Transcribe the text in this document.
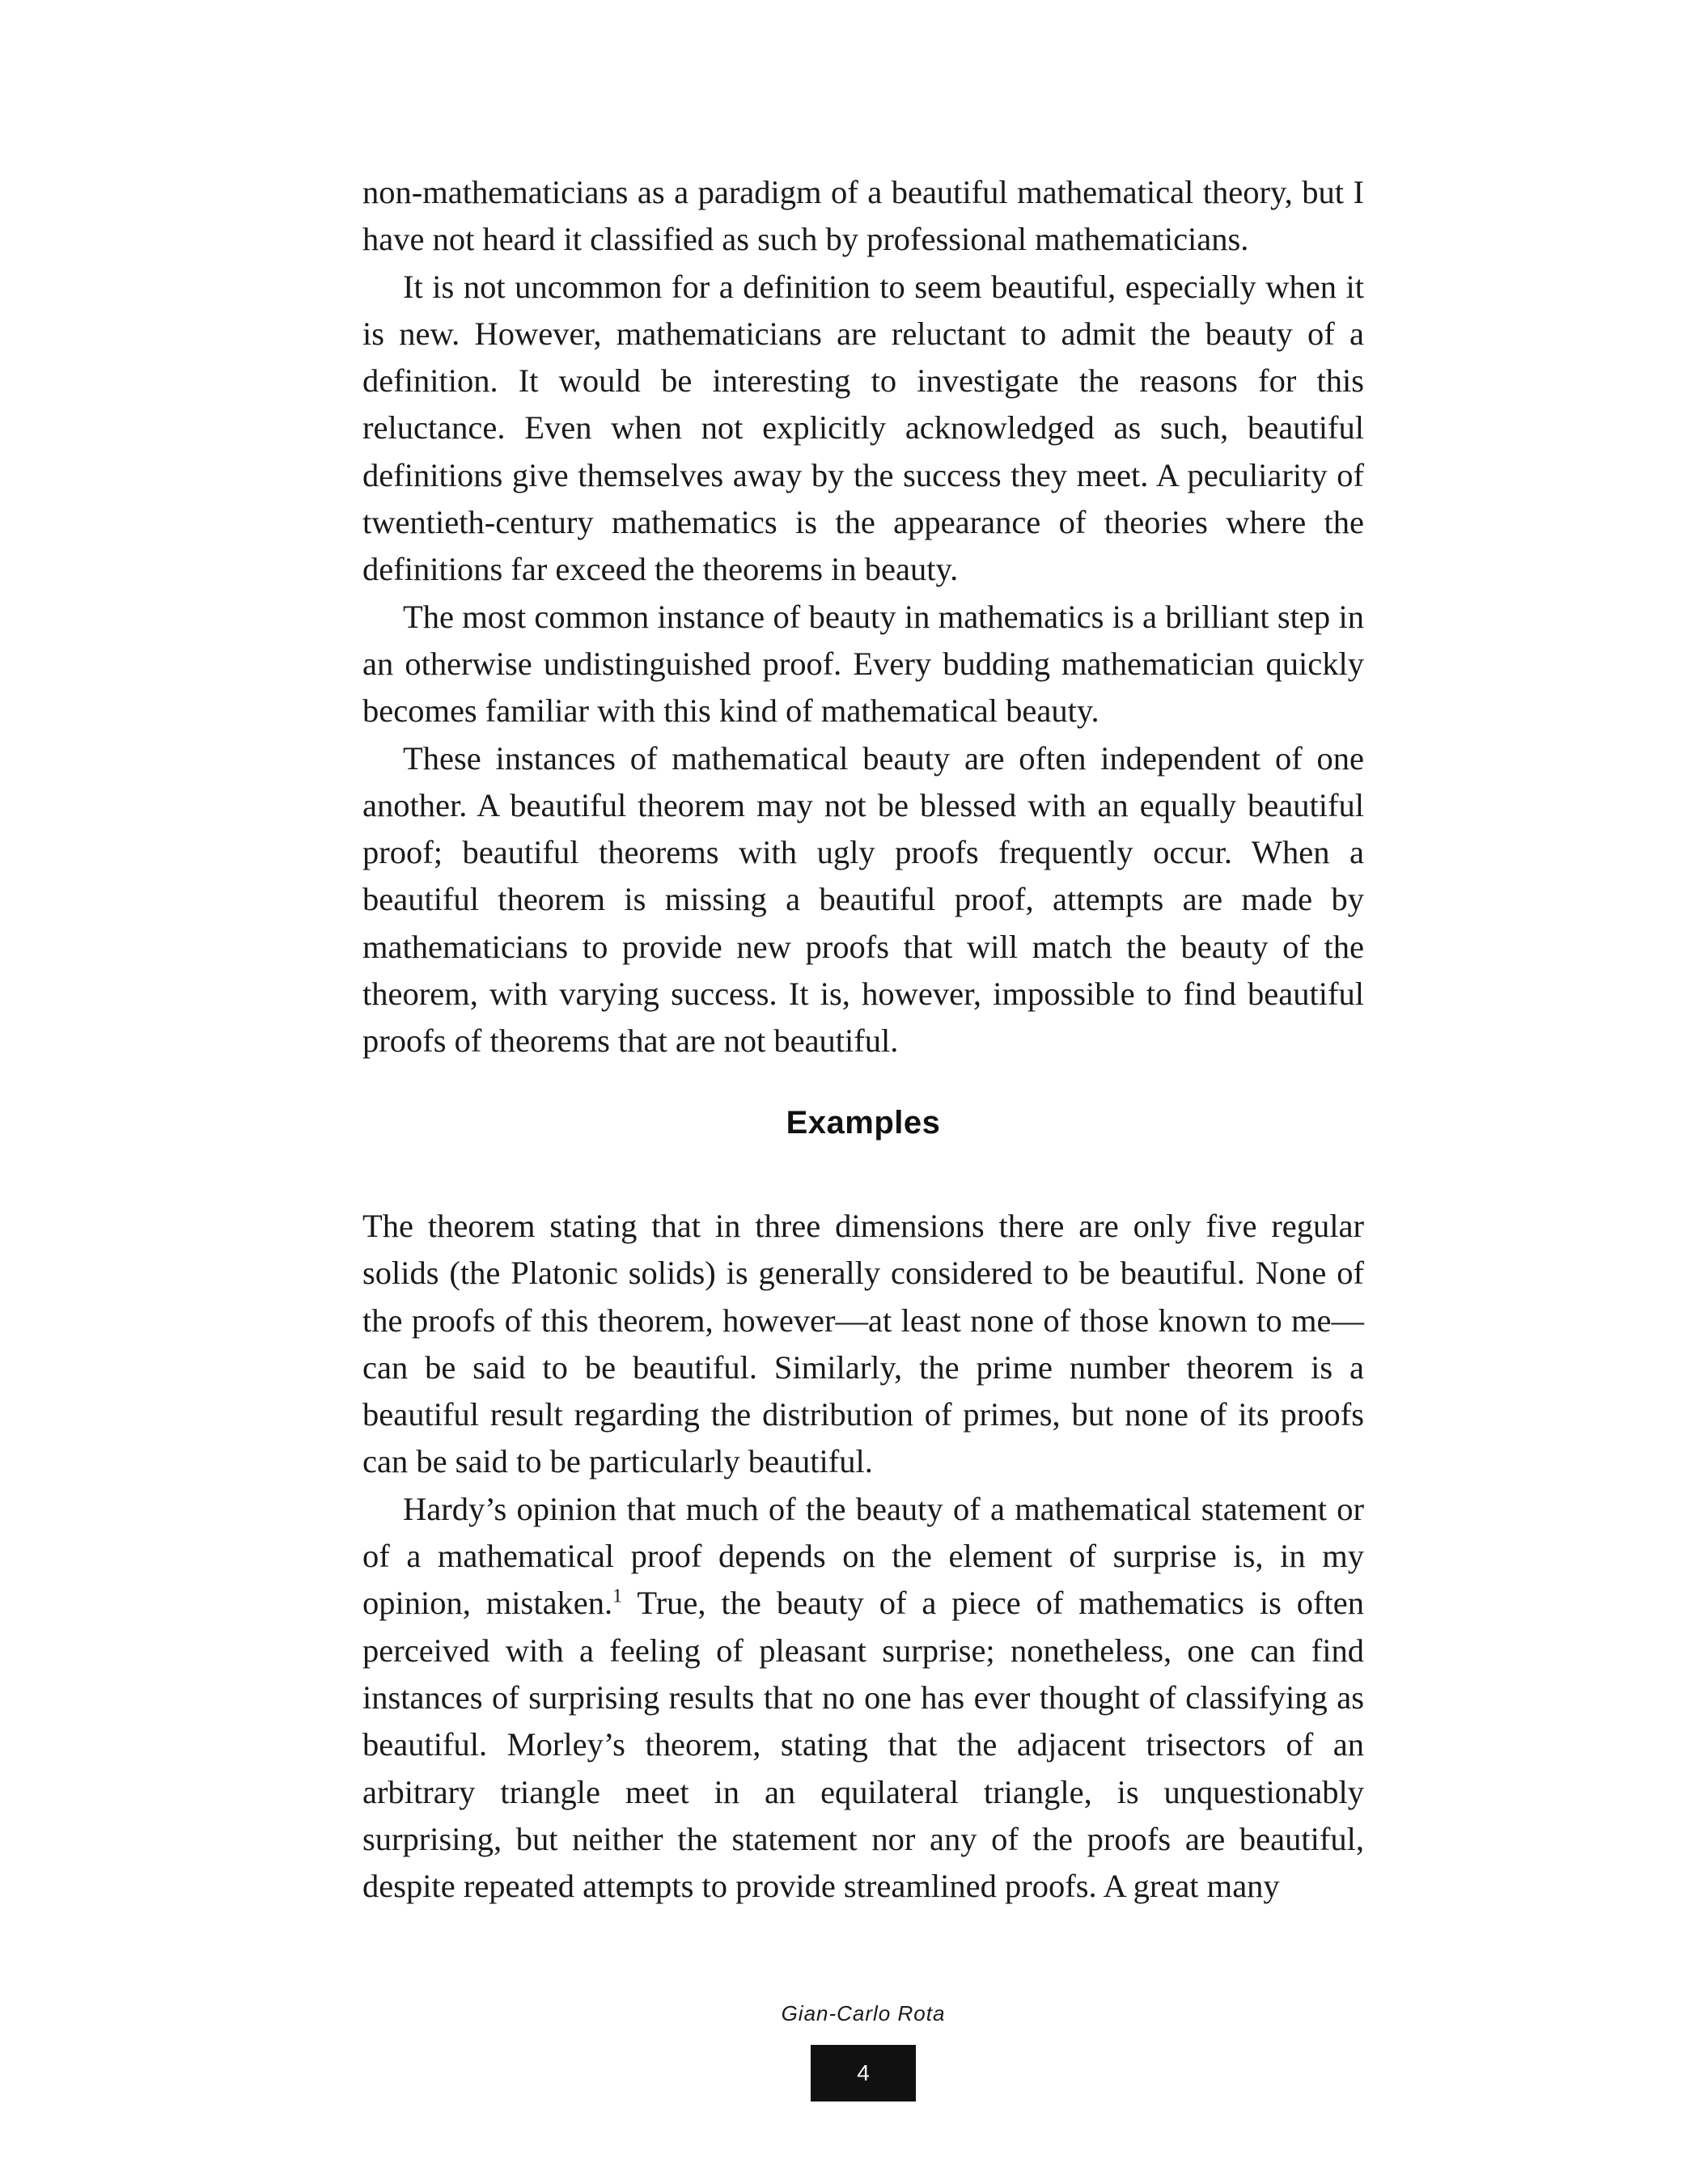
non-mathematicians as a paradigm of a beautiful mathematical theory, but I have not heard it classified as such by professional mathematicians.

It is not uncommon for a definition to seem beautiful, especially when it is new. However, mathematicians are reluctant to admit the beauty of a definition. It would be interesting to investigate the reasons for this reluctance. Even when not explicitly acknowledged as such, beautiful definitions give themselves away by the success they meet. A peculiarity of twentieth-century mathematics is the appearance of theories where the definitions far exceed the theorems in beauty.

The most common instance of beauty in mathematics is a brilliant step in an otherwise undistinguished proof. Every budding mathematician quickly becomes familiar with this kind of mathematical beauty.

These instances of mathematical beauty are often independent of one another. A beautiful theorem may not be blessed with an equally beautiful proof; beautiful theorems with ugly proofs frequently occur. When a beautiful theorem is missing a beautiful proof, attempts are made by mathematicians to provide new proofs that will match the beauty of the theorem, with varying success. It is, however, impossible to find beautiful proofs of theorems that are not beautiful.

Examples

The theorem stating that in three dimensions there are only five regular solids (the Platonic solids) is generally considered to be beautiful. None of the proofs of this theorem, however—at least none of those known to me—can be said to be beautiful. Similarly, the prime number theorem is a beautiful result regarding the distribution of primes, but none of its proofs can be said to be particularly beautiful.

Hardy’s opinion that much of the beauty of a mathematical statement or of a mathematical proof depends on the element of surprise is, in my opinion, mistaken.$^1$ True, the beauty of a piece of mathematics is often perceived with a feeling of pleasant surprise; nonetheless, one can find instances of surprising results that no one has ever thought of classifying as beautiful. Morley’s theorem, stating that the adjacent trisectors of an arbitrary triangle meet in an equilateral triangle, is unquestionably surprising, but neither the statement nor any of the proofs are beautiful, despite repeated attempts to provide streamlined proofs. A great many

Gian-Carlo Rota
4
